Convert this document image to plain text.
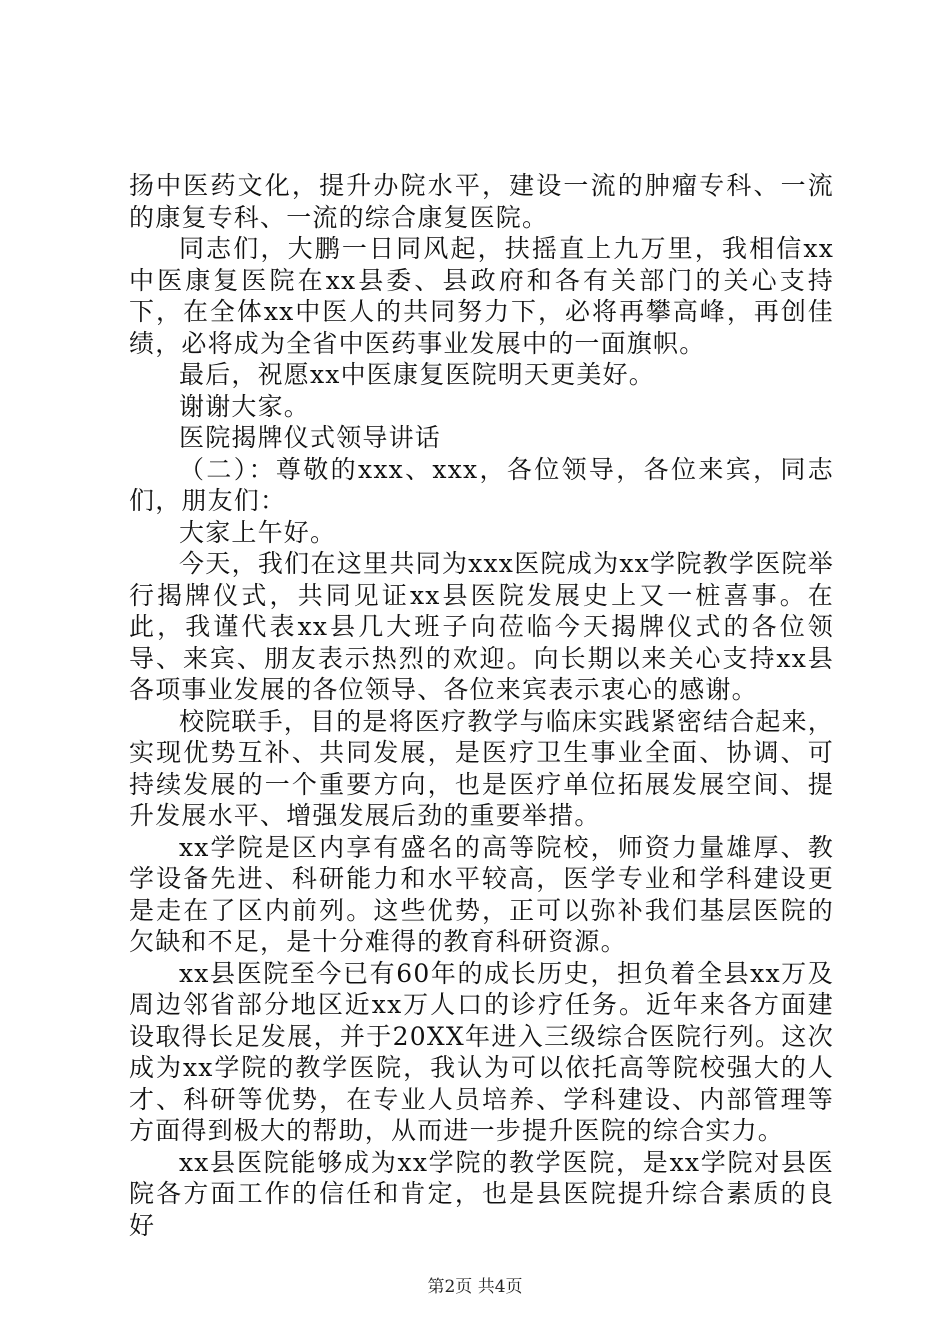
扬中医药文化，提升办院水平，建设一流的肿瘤专科、一流的康复专科、一流的综合康复医院。

同志们，大鹏一日同风起，扶摇直上九万里，我相信xx中医康复医院在xx县委、县政府和各有关部门的关心支持下，在全体xx中医人的共同努力下，必将再攀高峰，再创佳绩，必将成为全省中医药事业发展中的一面旗帜。

最后，祝愿xx中医康复医院明天更美好。

谢谢大家。

医院揭牌仪式领导讲话

（二）：尊敬的xxx、xxx，各位领导，各位来宾，同志们，朋友们：

大家上午好。

今天，我们在这里共同为xxx医院成为xx学院教学医院举行揭牌仪式，共同见证xx县医院发展史上又一桩喜事。在此，我谨代表xx县几大班子向莅临今天揭牌仪式的各位领导、来宾、朋友表示热烈的欢迎。向长期以来关心支持xx县各项事业发展的各位领导、各位来宾表示衷心的感谢。

校院联手，目的是将医疗教学与临床实践紧密结合起来，实现优势互补、共同发展，是医疗卫生事业全面、协调、可持续发展的一个重要方向，也是医疗单位拓展发展空间、提升发展水平、增强发展后劲的重要举措。

xx学院是区内享有盛名的高等院校，师资力量雄厚、教学设备先进、科研能力和水平较高，医学专业和学科建设更是走在了区内前列。这些优势，正可以弥补我们基层医院的欠缺和不足，是十分难得的教育科研资源。

xx县医院至今已有60年的成长历史，担负着全县xx万及周边邻省部分地区近xx万人口的诊疗任务。近年来各方面建设取得长足发展，并于20XX年进入三级综合医院行列。这次成为xx学院的教学医院，我认为可以依托高等院校强大的人才、科研等优势，在专业人员培养、学科建设、内部管理等方面得到极大的帮助，从而进一步提升医院的综合实力。

xx县医院能够成为xx学院的教学医院，是xx学院对县医院各方面工作的信任和肯定，也是县医院提升综合素质的良好

第2页 共4页
